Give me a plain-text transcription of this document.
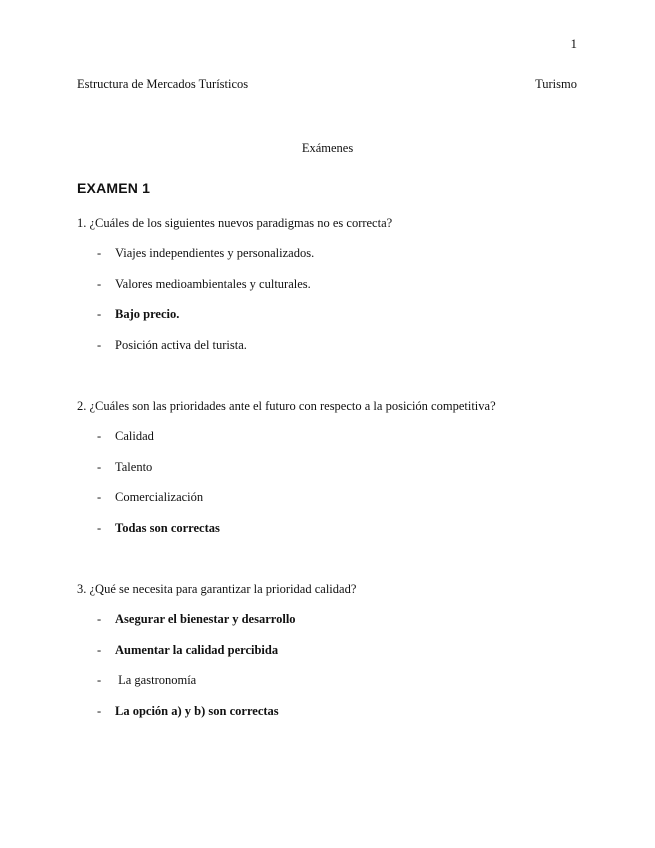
1
Estructura de Mercados Turísticos	Turismo
Exámenes
EXAMEN 1

1. ¿Cuáles de los siguientes nuevos paradigmas no es correcta?

- Viajes independientes y personalizados.
- Valores medioambientales y culturales.
- Bajo precio.
- Posición activa del turista.

2. ¿Cuáles son las prioridades ante el futuro con respecto a la posición competitiva?

- Calidad
- Talento
- Comercialización
- Todas son correctas

3. ¿Qué se necesita para garantizar la prioridad calidad?

- Asegurar el bienestar y desarrollo
- Aumentar la calidad percibida
- La gastronomía
- La opción a) y b) son correctas
